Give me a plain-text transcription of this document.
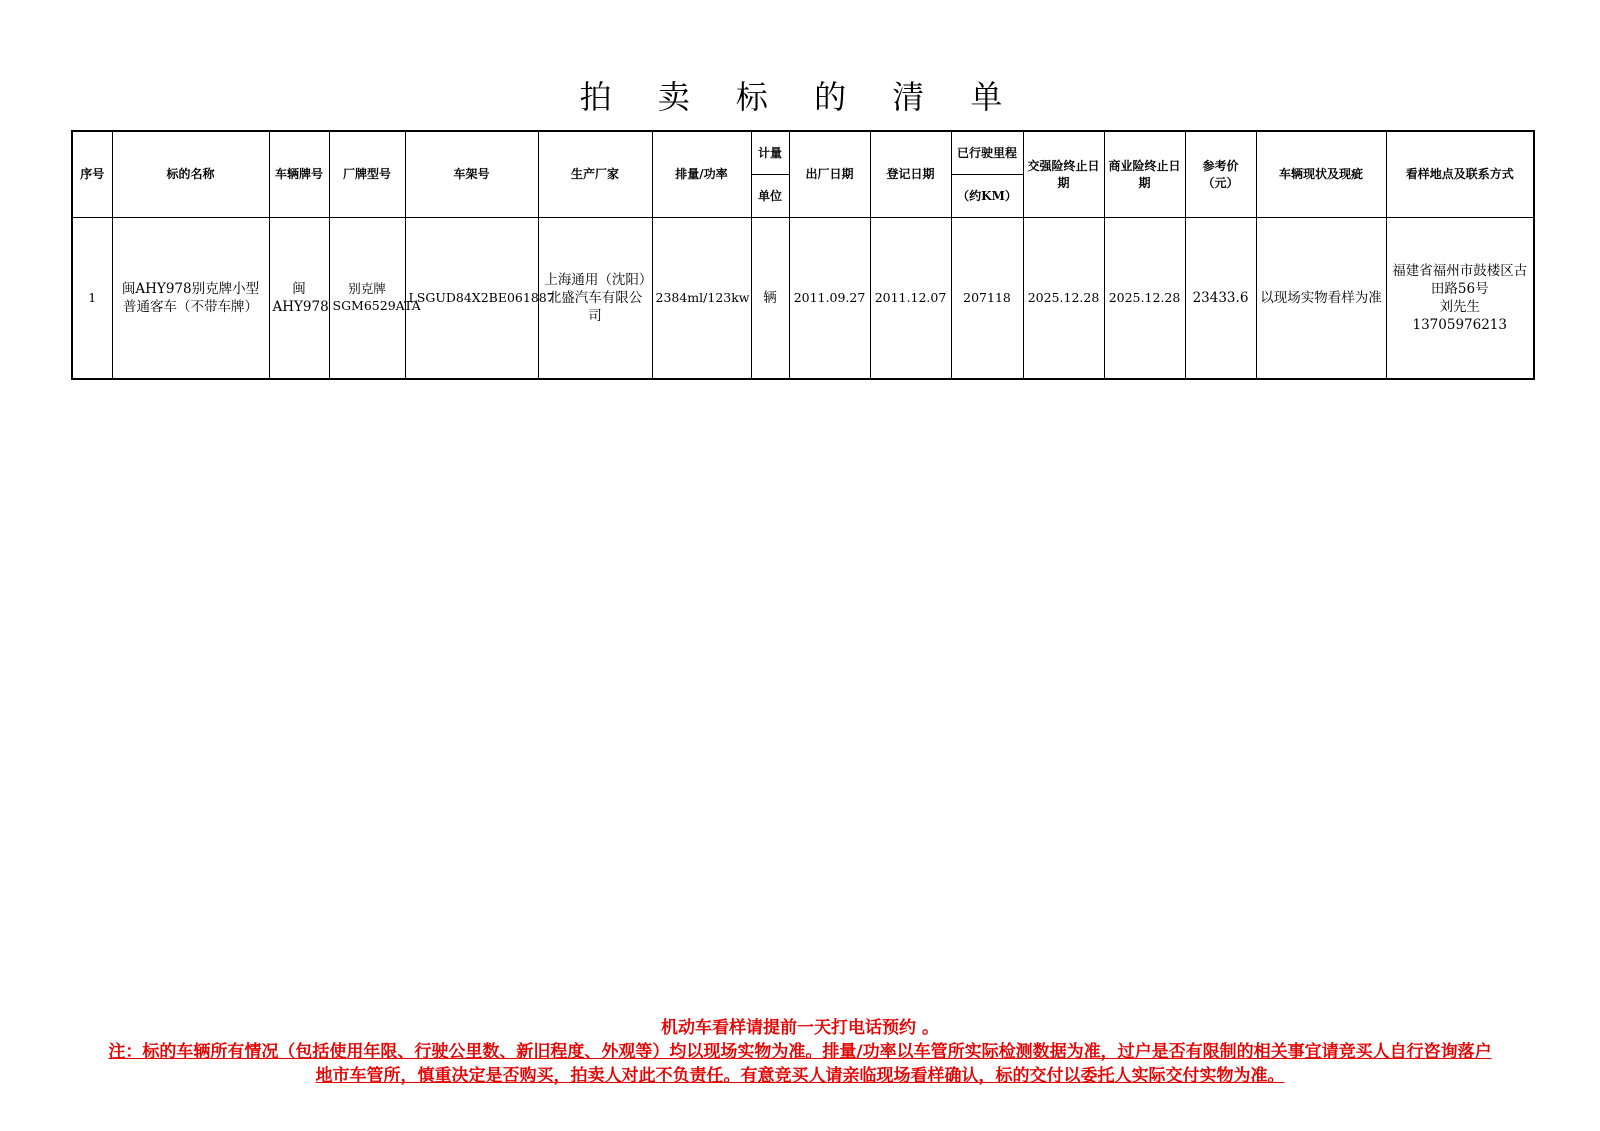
拍 卖 标 的 清 单
序号	标的名称	车辆牌号	厂牌型号	车架号	生产厂家	排量/功率	计量	出厂日期	登记日期	已行驶里程	交强险终止日期	商业险终止日期	参考价（元）	车辆现状及现疵	看样地点及联系方式
							单位			（约KM）					
1	闽AHY978别克牌小型普通客车（不带车牌）	闽AHY978	别克牌SGM6529ATA	LSGUD84X2BE061887	上海通用（沈阳）北盛汽车有限公司	2384ml/123kw	辆	2011.09.27	2011.12.07	207118	2025.12.28	2025.12.28	23433.6	以现场实物看样为准	福建省福州市鼓楼区古田路56号
刘先生
13705976213
机动车看样请提前一天打电话预约 。
注：标的车辆所有情况（包括使用年限、行驶公里数、新旧程度、外观等）均以现场实物为准。排量/功率以车管所实际检测数据为准，过户是否有限制的相关事宜请竞买人自行咨询落户地市车管所，慎重决定是否购买，拍卖人对此不负责任。有意竞买人请亲临现场看样确认，标的交付以委托人实际交付实物为准。
